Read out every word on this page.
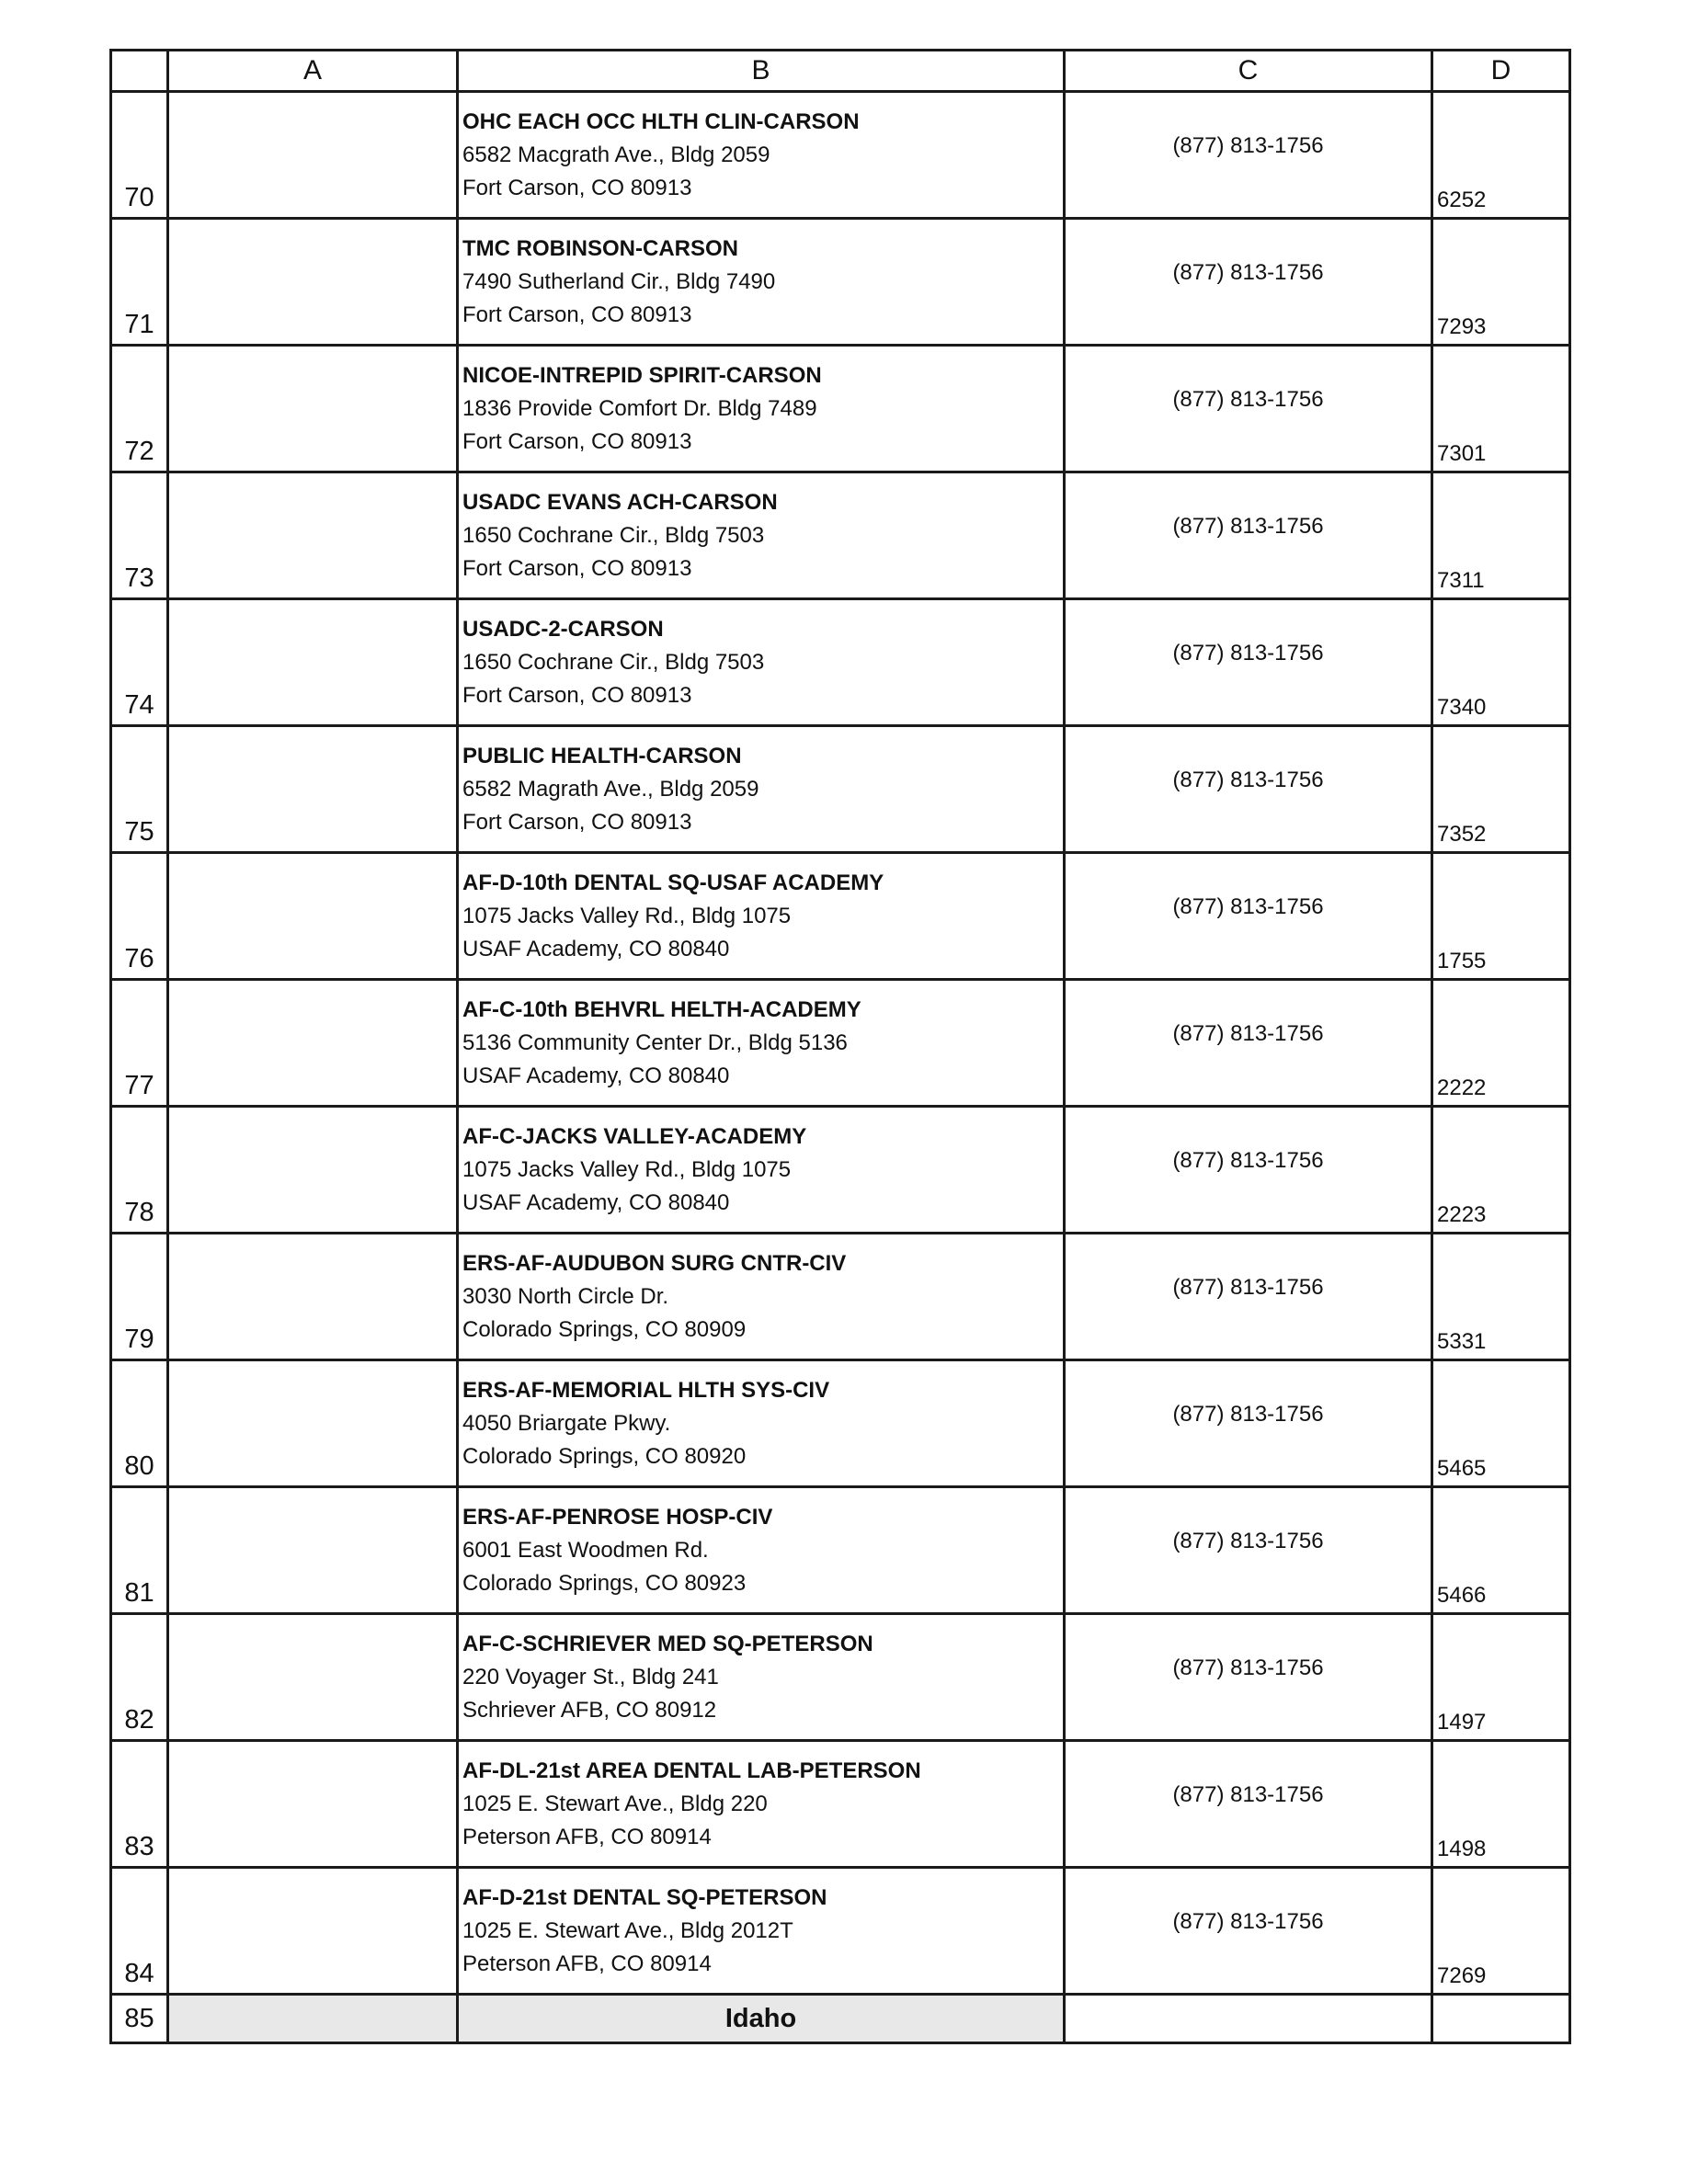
	A	B	C	D
70		OHC EACH OCC HLTH CLIN-CARSON
6582 Macgrath Ave., Bldg 2059
Fort Carson, CO 80913	(877) 813-1756	6252
71		TMC ROBINSON-CARSON
7490 Sutherland Cir., Bldg 7490
Fort Carson, CO 80913	(877) 813-1756	7293
72		NICOE-INTREPID SPIRIT-CARSON
1836 Provide Comfort Dr. Bldg 7489
Fort Carson, CO 80913	(877) 813-1756	7301
73		USADC EVANS ACH-CARSON
1650 Cochrane Cir., Bldg 7503
Fort Carson, CO 80913	(877) 813-1756	7311
74		USADC-2-CARSON
1650 Cochrane Cir., Bldg 7503
Fort Carson, CO 80913	(877) 813-1756	7340
75		PUBLIC HEALTH-CARSON
6582 Magrath Ave., Bldg 2059
Fort Carson, CO 80913	(877) 813-1756	7352
76		AF-D-10th DENTAL SQ-USAF ACADEMY
1075 Jacks Valley Rd., Bldg 1075
USAF Academy, CO 80840	(877) 813-1756	1755
77		AF-C-10th BEHVRL HELTH-ACADEMY
5136 Community Center Dr., Bldg 5136
USAF Academy, CO 80840	(877) 813-1756	2222
78		AF-C-JACKS VALLEY-ACADEMY
1075 Jacks Valley Rd., Bldg 1075
USAF Academy, CO 80840	(877) 813-1756	2223
79		ERS-AF-AUDUBON SURG CNTR-CIV
3030 North Circle Dr.
Colorado Springs, CO 80909	(877) 813-1756	5331
80		ERS-AF-MEMORIAL HLTH SYS-CIV
4050 Briargate Pkwy.
Colorado Springs, CO 80920	(877) 813-1756	5465
81		ERS-AF-PENROSE HOSP-CIV
6001 East Woodmen Rd.
Colorado Springs, CO 80923	(877) 813-1756	5466
82		AF-C-SCHRIEVER MED SQ-PETERSON
220 Voyager St., Bldg 241
Schriever AFB, CO 80912	(877) 813-1756	1497
83		AF-DL-21st AREA DENTAL LAB-PETERSON
1025 E. Stewart Ave., Bldg 220
Peterson AFB, CO 80914	(877) 813-1756	1498
84		AF-D-21st DENTAL SQ-PETERSON
1025 E. Stewart Ave., Bldg 2012T
Peterson AFB, CO 80914	(877) 813-1756	7269
85		Idaho		
